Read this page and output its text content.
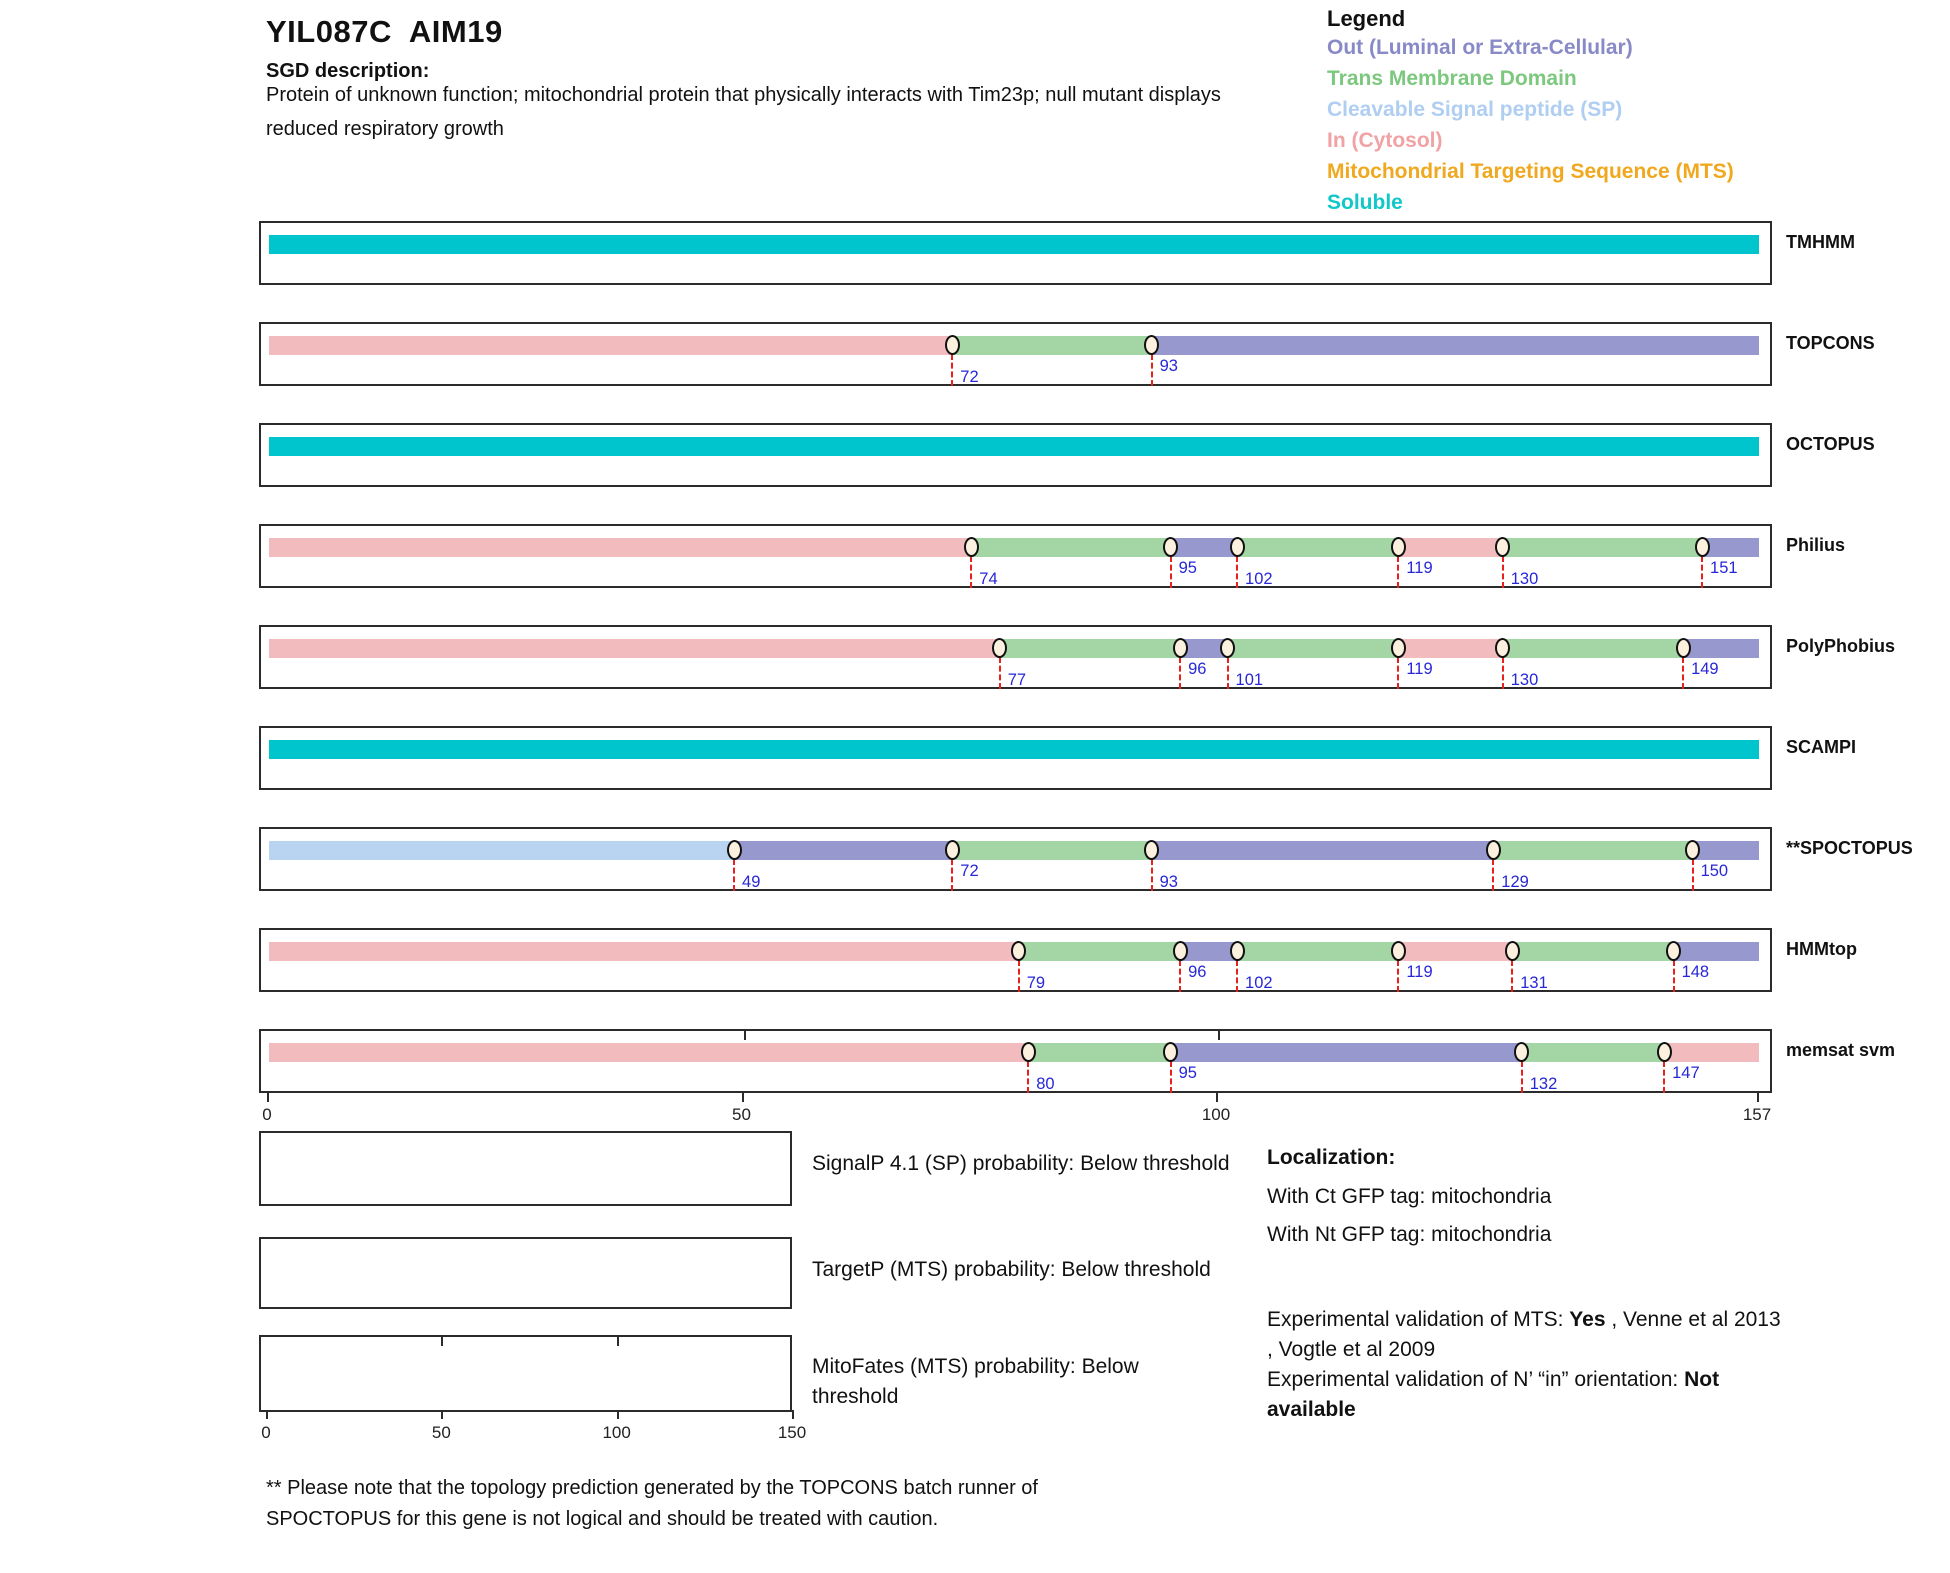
YIL087C  AIM19
SGD description:
Protein of unknown function; mitochondrial protein that physically interacts with Tim23p; null mutant displays
reduced respiratory growth
Legend
Out (Luminal or Extra-Cellular)
Trans Membrane Domain
Cleavable Signal peptide (SP)
In (Cytosol)
Mitochondrial Targeting Sequence (MTS)
Soluble
TMHMM
72
93
TOPCONS
OCTOPUS
74
95
102
119
130
151
Philius
77
96
101
119
130
149
PolyPhobius
SCAMPI
49
72
93	129
150
**SPOCTOPUS
79
96
102
119
131
148
HMMtop
80
95
132
147
memsat svm
0	50	100	157
SignalP 4.1 (SP) probability: Below threshold
TargetP (MTS) probability: Below threshold
0	50	100	150
MitoFates (MTS) probability: Below threshold
Localization:
With Ct GFP tag: mitochondria
With Nt GFP tag: mitochondria
Experimental validation of MTS: Yes , Venne et al 2013
, Vogtle et al 2009
Experimental validation of N’ “in” orientation: Not
available
** Please note that the topology prediction generated by the TOPCONS batch runner of
SPOCTOPUS for this gene is not logical and should be treated with caution.
